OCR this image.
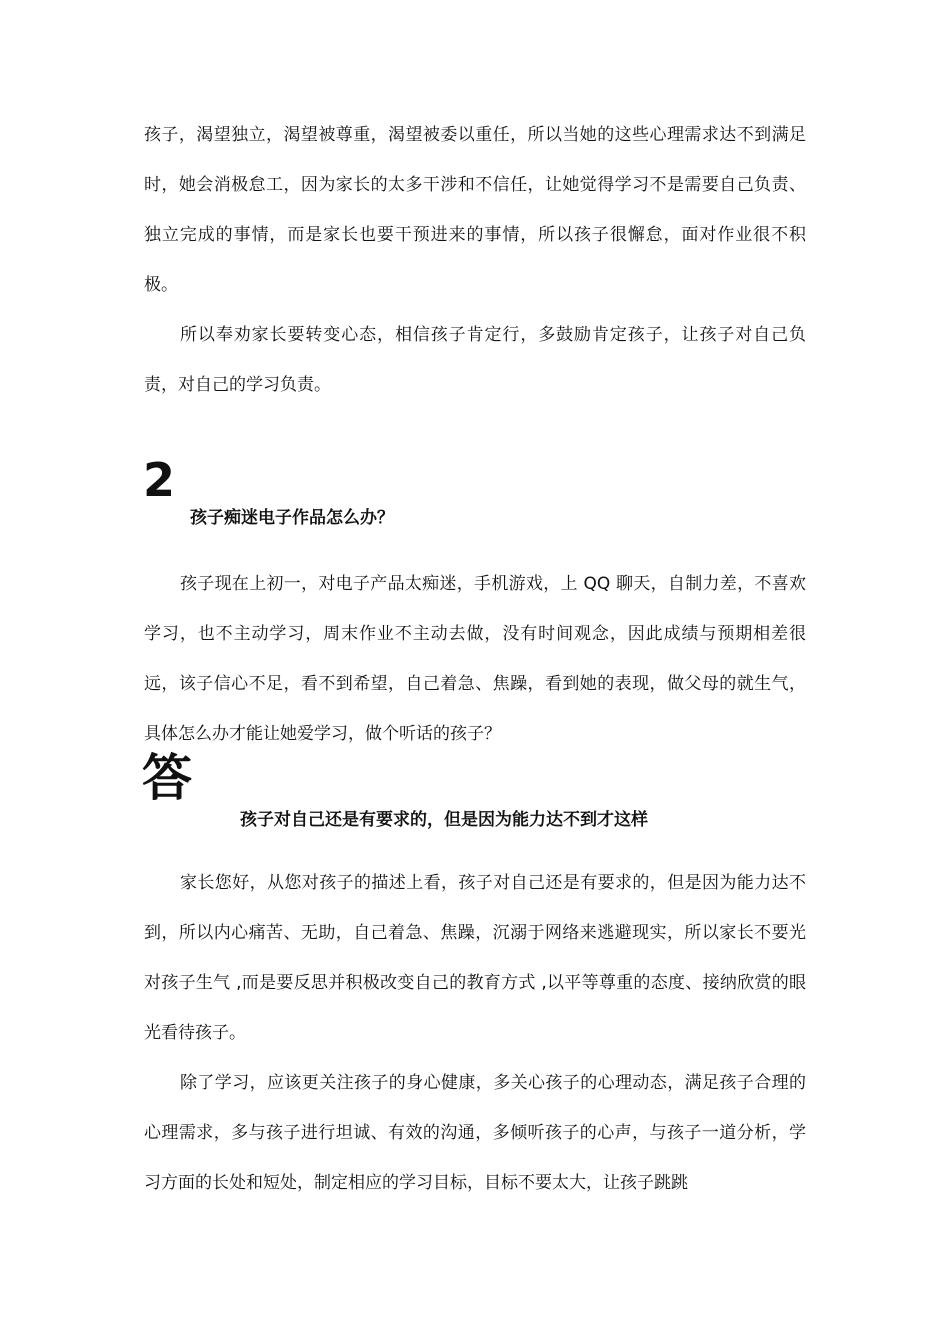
孩子，渴望独立，渴望被尊重，渴望被委以重任，所以当她的这些心理需求达不到满足时，她会消极怠工，因为家长的太多干涉和不信任，让她觉得学习不是需要自己负责、独立完成的事情，而是家长也要干预进来的事情，所以孩子很懈怠，面对作业很不积极。

所以奉劝家长要转变心态，相信孩子肯定行，多鼓励肯定孩子，让孩子对自己负责，对自己的学习负责。

2
孩子痴迷电子作品怎么办？

孩子现在上初一，对电子产品太痴迷，手机游戏，上 QQ 聊天，自制力差，不喜欢学习，也不主动学习，周末作业不主动去做，没有时间观念，因此成绩与预期相差很远，该子信心不足，看不到希望，自己着急、焦躁，看到她的表现，做父母的就生气，具体怎么办才能让她爱学习，做个听话的孩子？

答
孩子对自己还是有要求的，但是因为能力达不到才这样

家长您好，从您对孩子的描述上看，孩子对自己还是有要求的，但是因为能力达不到，所以内心痛苦、无助，自己着急、焦躁，沉溺于网络来逃避现实，所以家长不要光对孩子生气 ,而是要反思并积极改变自己的教育方式 ,以平等尊重的态度、接纳欣赏的眼光看待孩子。

除了学习，应该更关注孩子的身心健康，多关心孩子的心理动态，满足孩子合理的心理需求，多与孩子进行坦诚、有效的沟通，多倾听孩子的心声，与孩子一道分析，学习方面的长处和短处，制定相应的学习目标，目标不要太大，让孩子跳跳
